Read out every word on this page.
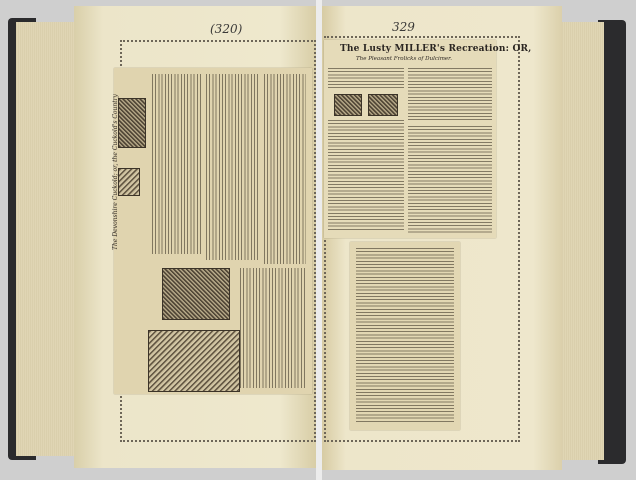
(320)
The Devonshire Cuckold; or, the Cuckold's Country
329
The Lusty MILLER's Recreation: OR,
The Pleasant Frolicks of Dulcimer.
